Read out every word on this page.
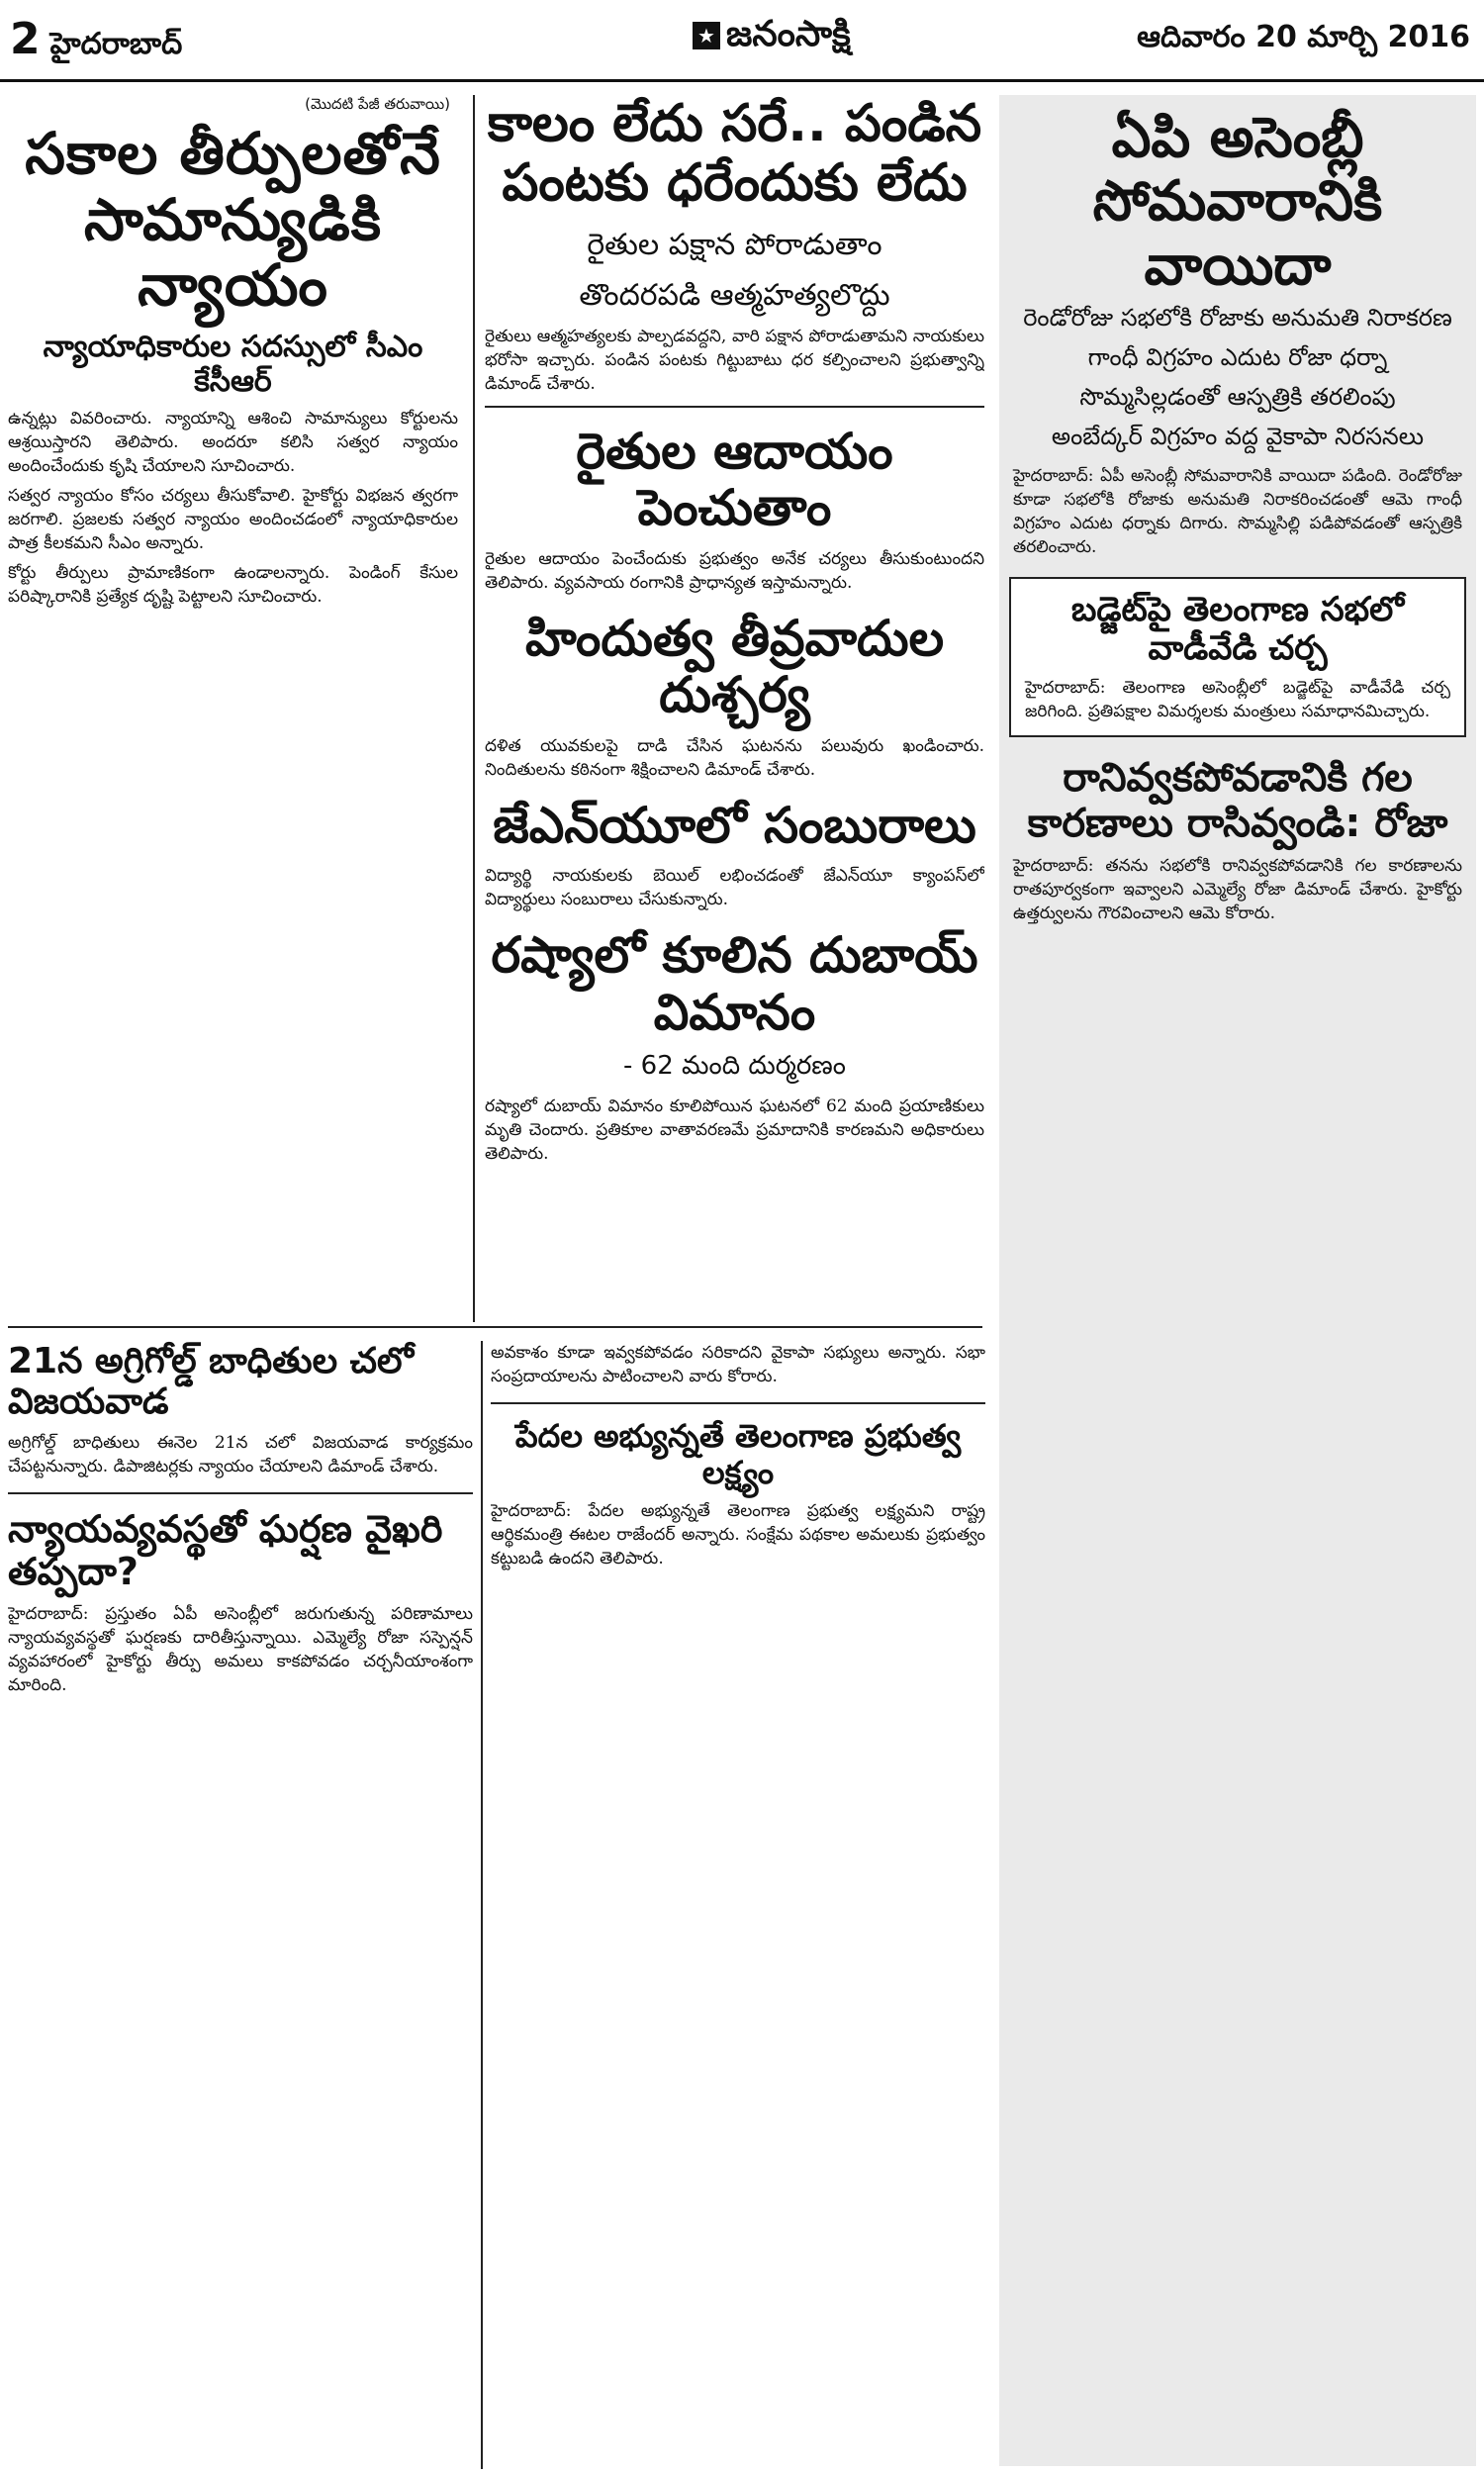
2 హైదరాబాద్	★ జనంసాక్షి	ఆదివారం 20 మార్చి 2016
(మొదటి పేజీ తరువాయి)
సకాల తీర్పులతోనే
సామాన్యుడికి న్యాయం
న్యాయాధికారుల సదస్సులో సీఎం కేసీఆర్

ఉన్నట్లు వివరించారు. న్యాయాన్ని ఆశించి సామాన్యులు కోర్టులను ఆశ్రయిస్తారని తెలిపారు. అందరూ కలిసి సత్వర న్యాయం అందించేందుకు కృషి చేయాలని సూచించారు.

సత్వర న్యాయం కోసం చర్యలు తీసుకోవాలి. హైకోర్టు విభజన త్వరగా జరగాలి. ప్రజలకు సత్వర న్యాయం అందించడంలో న్యాయాధికారుల పాత్ర కీలకమని సీఎం అన్నారు.

కోర్టు తీర్పులు ప్రామాణికంగా ఉండాలన్నారు. పెండింగ్ కేసుల పరిష్కారానికి ప్రత్యేక దృష్టి పెట్టాలని సూచించారు.

కాలం లేదు సరే.. పండిన
పంటకు ధరేందుకు లేదు

రైతుల పక్షాన పోరాడుతాం

తొందరపడి ఆత్మహత్యలొద్దు

రైతులు ఆత్మహత్యలకు పాల్పడవద్దని, వారి పక్షాన పోరాడుతామని నాయకులు భరోసా ఇచ్చారు. పండిన పంటకు గిట్టుబాటు ధర కల్పించాలని ప్రభుత్వాన్ని డిమాండ్ చేశారు.
రైతుల ఆదాయం పెంచుతాం
రైతుల ఆదాయం పెంచేందుకు ప్రభుత్వం అనేక చర్యలు తీసుకుంటుందని తెలిపారు. వ్యవసాయ రంగానికి ప్రాధాన్యత ఇస్తామన్నారు.
హిందుత్వ తీవ్రవాదుల దుశ్చర్య
దళిత యువకులపై దాడి చేసిన ఘటనను పలువురు ఖండించారు. నిందితులను కఠినంగా శిక్షించాలని డిమాండ్ చేశారు.
జేఎన్‌యూలో సంబురాలు
విద్యార్థి నాయకులకు బెయిల్ లభించడంతో జేఎన్‌యూ క్యాంపస్‌లో విద్యార్థులు సంబురాలు చేసుకున్నారు.
రష్యాలో కూలిన దుబాయ్ విమానం

- 62 మంది దుర్మరణం

రష్యాలో దుబాయ్ విమానం కూలిపోయిన ఘటనలో 62 మంది ప్రయాణికులు మృతి చెందారు. ప్రతికూల వాతావరణమే ప్రమాదానికి కారణమని అధికారులు తెలిపారు.
21న అగ్రిగోల్డ్ బాధితుల చలో విజయవాడ
అగ్రిగోల్డ్ బాధితులు ఈనెల 21న చలో విజయవాడ కార్యక్రమం చేపట్టనున్నారు. డిపాజిటర్లకు న్యాయం చేయాలని డిమాండ్ చేశారు.
న్యాయవ్యవస్థతో ఘర్షణ వైఖరి తప్పదా?
హైదరాబాద్: ప్రస్తుతం ఏపీ అసెంబ్లీలో జరుగుతున్న పరిణామాలు న్యాయవ్యవస్థతో ఘర్షణకు దారితీస్తున్నాయి. ఎమ్మెల్యే రోజా సస్పెన్షన్ వ్యవహారంలో హైకోర్టు తీర్పు అమలు కాకపోవడం చర్చనీయాంశంగా మారింది.
అవకాశం కూడా ఇవ్వకపోవడం సరికాదని వైకాపా సభ్యులు అన్నారు. సభా సంప్రదాయాలను పాటించాలని వారు కోరారు.
పేదల అభ్యున్నతే తెలంగాణ ప్రభుత్వ లక్ష్యం
హైదరాబాద్: పేదల అభ్యున్నతే తెలంగాణ ప్రభుత్వ లక్ష్యమని రాష్ట్ర ఆర్థికమంత్రి ఈటల రాజేందర్ అన్నారు. సంక్షేమ పథకాల అమలుకు ప్రభుత్వం కట్టుబడి ఉందని తెలిపారు.
ఏపి అసెంబ్లీ
సోమవారానికి వాయిదా

రెండోరోజు సభలోకి రోజాకు అనుమతి నిరాకరణ

గాంధీ విగ్రహం ఎదుట రోజా ధర్నా

సొమ్మసిల్లడంతో ఆస్పత్రికి తరలింపు

అంబేద్కర్ విగ్రహం వద్ద వైకాపా నిరసనలు

హైదరాబాద్: ఏపీ అసెంబ్లీ సోమవారానికి వాయిదా పడింది. రెండోరోజు కూడా సభలోకి రోజాకు అనుమతి నిరాకరించడంతో ఆమె గాంధీ విగ్రహం ఎదుట ధర్నాకు దిగారు. సొమ్మసిల్లి పడిపోవడంతో ఆస్పత్రికి తరలించారు.
బడ్జెట్‌పై తెలంగాణ సభలో వాడీవేడి చర్చ
హైదరాబాద్: తెలంగాణ అసెంబ్లీలో బడ్జెట్‌పై వాడీవేడి చర్చ జరిగింది. ప్రతిపక్షాల విమర్శలకు మంత్రులు సమాధానమిచ్చారు.
రానివ్వకపోవడానికి గల
కారణాలు రాసివ్వండి: రోజా
హైదరాబాద్: తనను సభలోకి రానివ్వకపోవడానికి గల కారణాలను రాతపూర్వకంగా ఇవ్వాలని ఎమ్మెల్యే రోజా డిమాండ్ చేశారు. హైకోర్టు ఉత్తర్వులను గౌరవించాలని ఆమె కోరారు.
